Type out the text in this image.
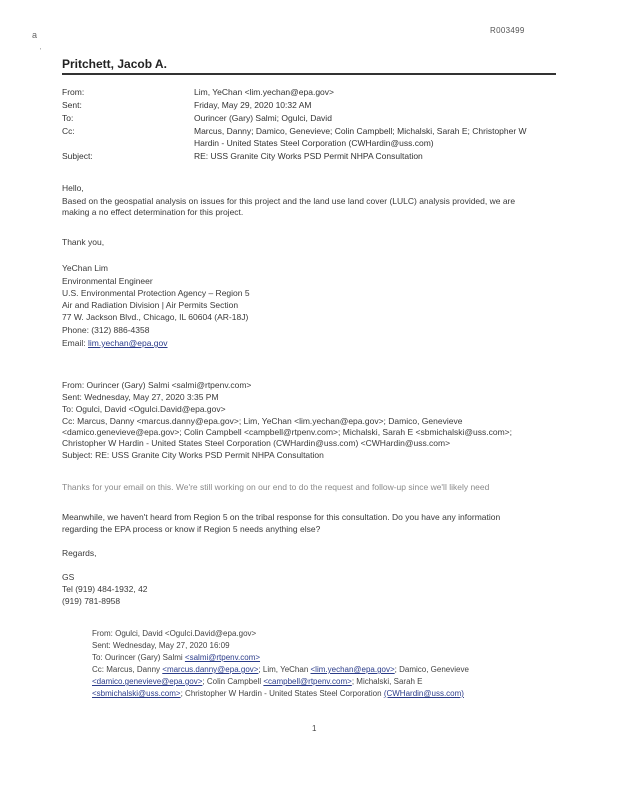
R003499
a
'
Pritchett, Jacob A.
From:	Lim, YeChan <lim.yechan@epa.gov>
Sent:	Friday, May 29, 2020 10:32 AM
To:	Ourincer (Gary) Salmi; Ogulci, David
Cc:	Marcus, Danny; Damico, Genevieve; Colin Campbell; Michalski, Sarah E; Christopher W
Hardin - United States Steel Corporation (CWHardin@uss.com)
Subject:	RE: USS Granite City Works PSD Permit NHPA Consultation
Hello,
Based on the geospatial analysis on issues for this project and the land use land cover (LULC) analysis provided, we are
making a no effect determination for this project.
Thank you,
YeChan Lim
Environmental Engineer
U.S. Environmental Protection Agency – Region 5
Air and Radiation Division | Air Permits Section
77 W. Jackson Blvd., Chicago, IL 60604 (AR-18J)
Phone: (312) 886-4358
Email: lim.yechan@epa.gov
From: Ourincer (Gary) Salmi <salmi@rtpenv.com>
Sent: Wednesday, May 27, 2020 3:35 PM
To: Ogulci, David <Ogulci.David@epa.gov>
Cc: Marcus, Danny <marcus.danny@epa.gov>; Lim, YeChan <lim.yechan@epa.gov>; Damico, Genevieve
<damico.genevieve@epa.gov>; Colin Campbell <campbell@rtpenv.com>; Michalski, Sarah E <sbmichalski@uss.com>;
Christopher W Hardin - United States Steel Corporation (CWHardin@uss.com) <CWHardin@uss.com>
Subject: RE: USS Granite City Works PSD Permit NHPA Consultation
Thanks for your email on this. We're still working on our end to do the request and follow-up since we'll likely need
Meanwhile, we haven't heard from Region 5 on the tribal response for this consultation. Do you have any information
regarding the EPA process or know if Region 5 needs anything else?
Regards,
GS
Tel (919) 484-1932, 42
(919) 781-8958
From: Ogulci, David <Ogulci.David@epa.gov>
Sent: Wednesday, May 27, 2020 16:09
To: Ourincer (Gary) Salmi <salmi@rtpenv.com>
Cc: Marcus, Danny <marcus.danny@epa.gov>; Lim, YeChan <lim.yechan@epa.gov>; Damico, Genevieve
<damico.genevieve@epa.gov>; Colin Campbell <campbell@rtpenv.com>; Michalski, Sarah E
<sbmichalski@uss.com>; Christopher W Hardin - United States Steel Corporation (CWHardin@uss.com)
1
